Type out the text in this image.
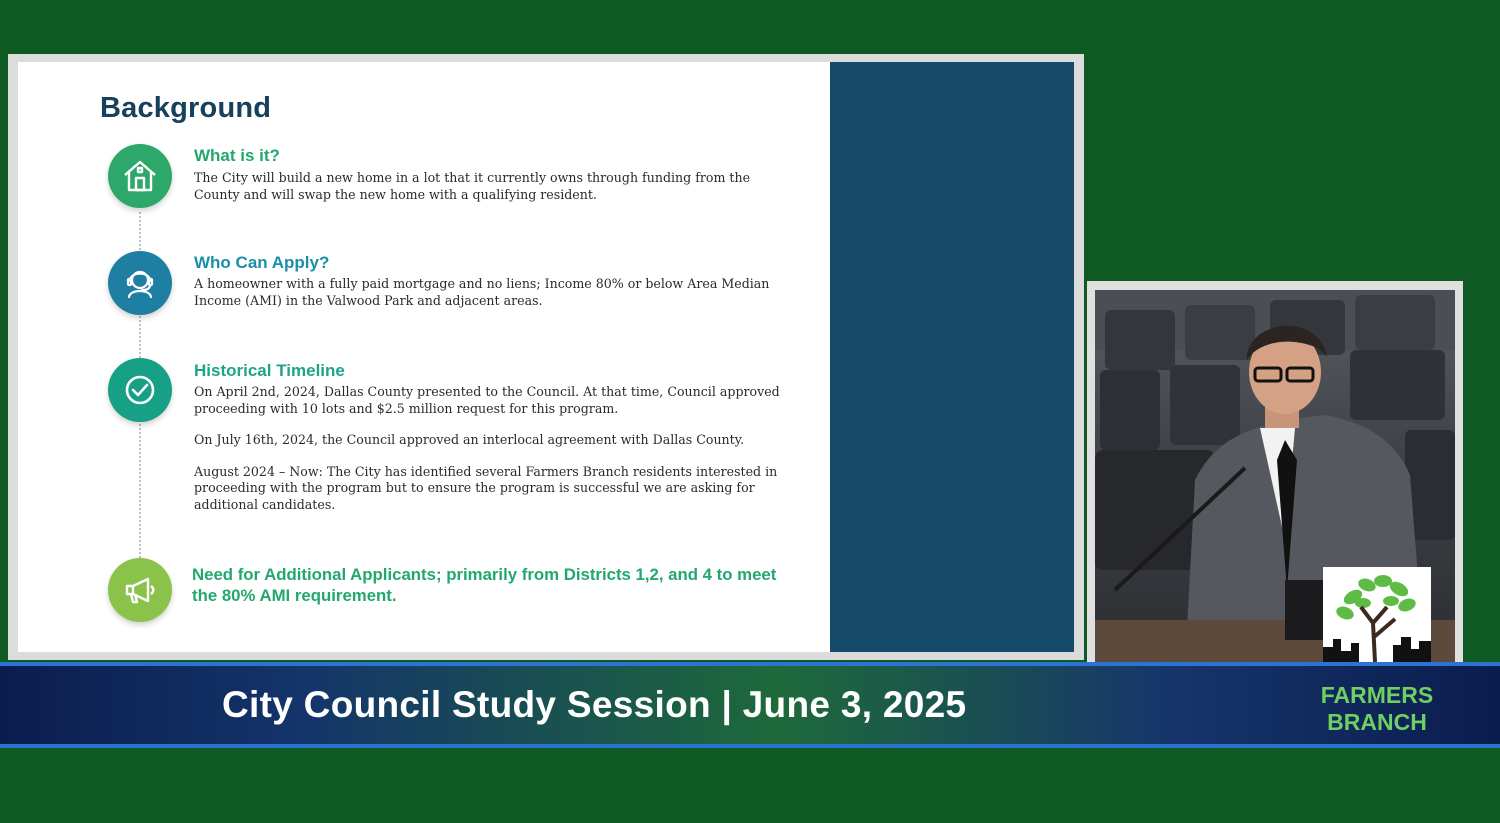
Background
What is it?

The City will build a new home in a lot that it currently owns through funding from the County and will swap the new home with a qualifying resident.

Who Can Apply?

A homeowner with a fully paid mortgage and no liens; Income 80% or below Area Median Income (AMI) in the Valwood Park and adjacent areas.

Historical Timeline

On April 2nd, 2024, Dallas County presented to the Council. At that time, Council approved proceeding with 10 lots and $2.5 million request for this program.

On July 16th, 2024, the Council approved an interlocal agreement with Dallas County.

August 2024 – Now: The City has identified several Farmers Branch residents interested in proceeding with the program but to ensure the program is successful we are asking for additional candidates.

Need for Additional Applicants; primarily from Districts 1,2, and 4 to meet the 80% AMI requirement.
City Council Study Session | June 3, 2025	FARMERS
BRANCH
